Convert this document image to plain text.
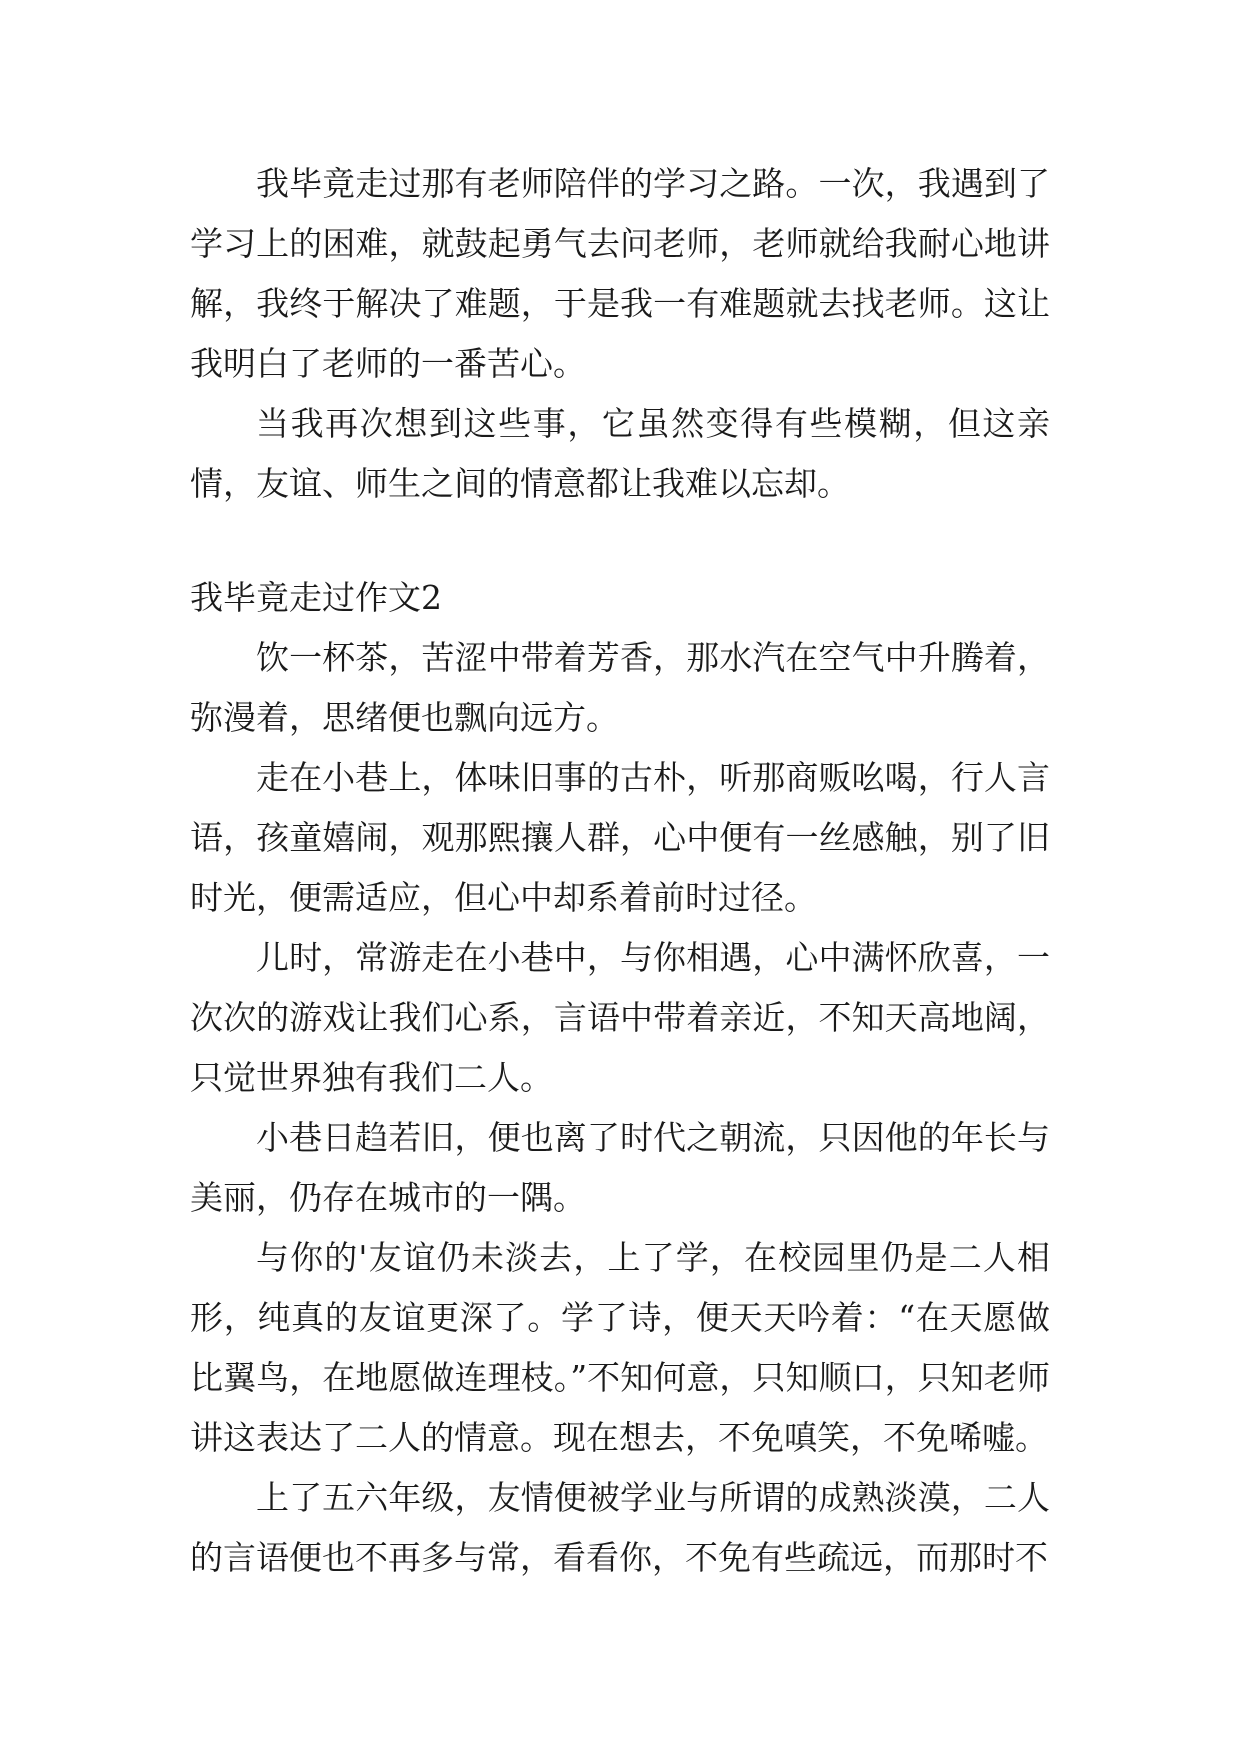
我毕竟走过那有老师陪伴的学习之路。一次，我遇到了学习上的困难，就鼓起勇气去问老师，老师就给我耐心地讲解，我终于解决了难题，于是我一有难题就去找老师。这让我明白了老师的一番苦心。

当我再次想到这些事，它虽然变得有些模糊，但这亲情，友谊、师生之间的情意都让我难以忘却。

我毕竟走过作文2

饮一杯茶，苦涩中带着芳香，那水汽在空气中升腾着，弥漫着，思绪便也飘向远方。

走在小巷上，体味旧事的古朴，听那商贩吆喝，行人言语，孩童嬉闹，观那熙攘人群，心中便有一丝感触，别了旧时光，便需适应，但心中却系着前时过径。

儿时，常游走在小巷中，与你相遇，心中满怀欣喜，一次次的游戏让我们心系，言语中带着亲近，不知天高地阔，只觉世界独有我们二人。

小巷日趋若旧，便也离了时代之朝流，只因他的年长与美丽，仍存在城市的一隅。

与你的'友谊仍未淡去，上了学，在校园里仍是二人相形，纯真的友谊更深了。学了诗，便天天吟着：“在天愿做比翼鸟，在地愿做连理枝。”不知何意，只知顺口，只知老师讲这表达了二人的情意。现在想去，不免嗔笑，不免唏嘘。

上了五六年级，友情便被学业与所谓的成熟淡漠，二人的言语便也不再多与常，看看你，不免有些疏远，而那时不
